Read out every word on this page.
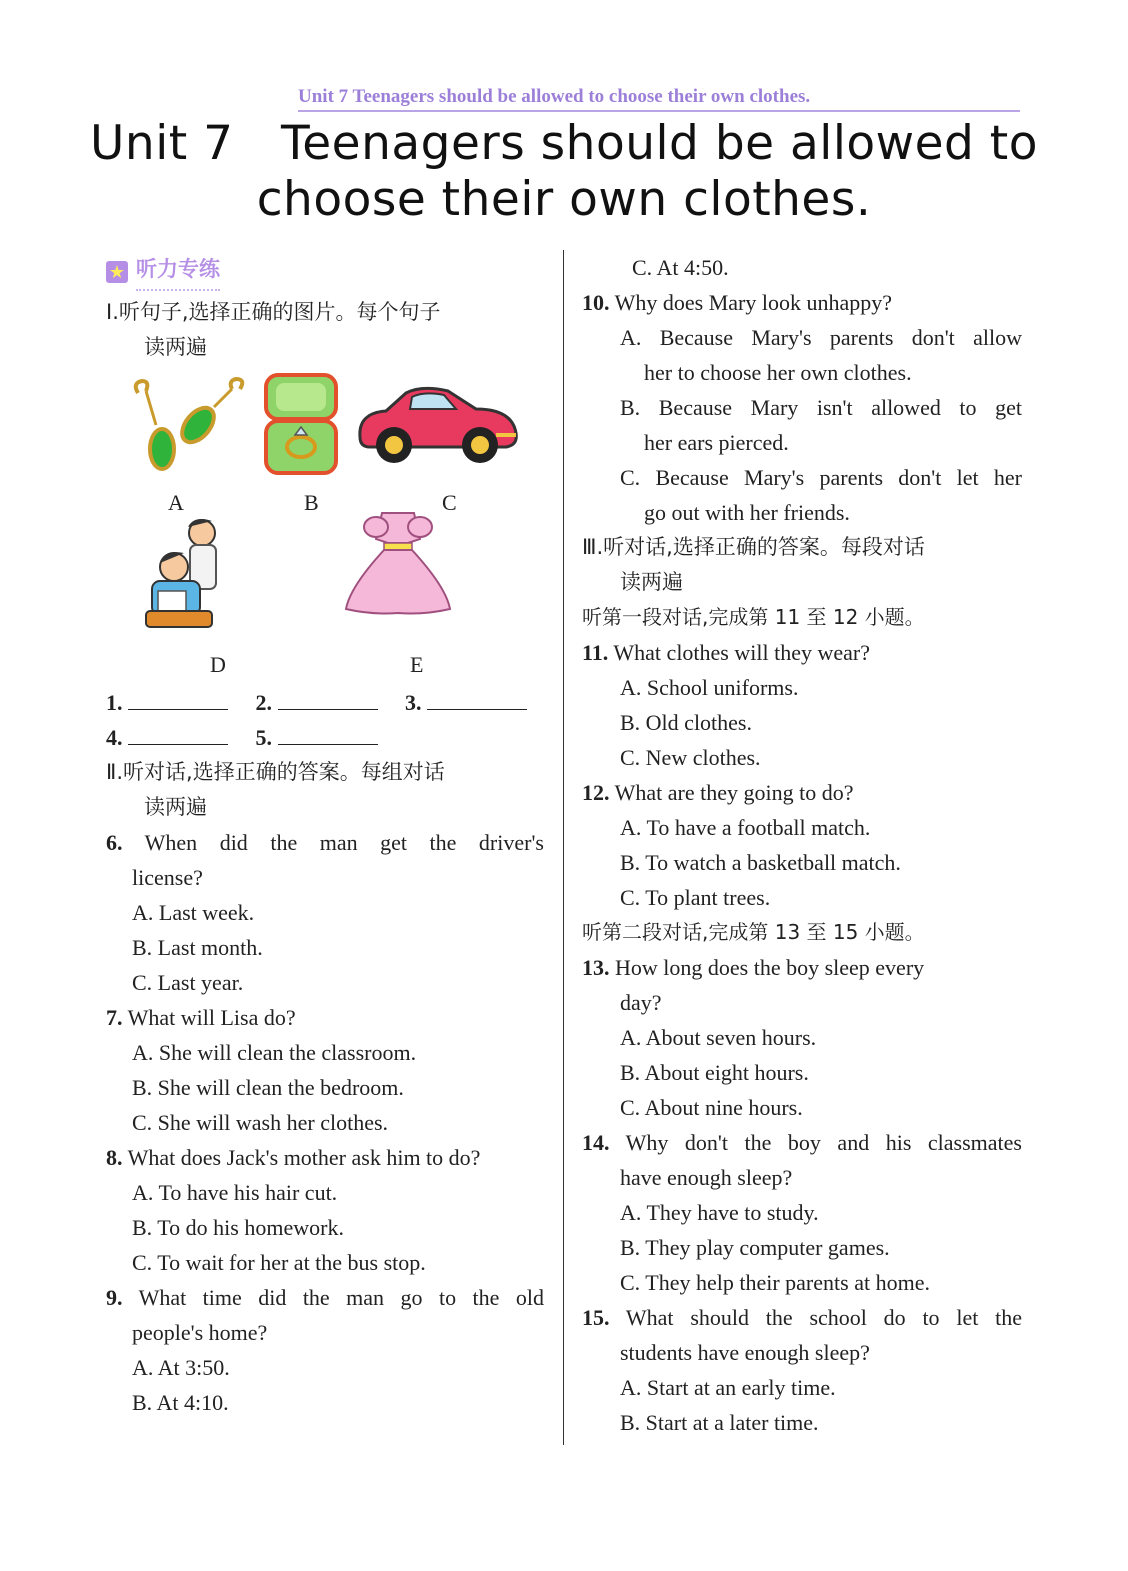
Unit 7 Teenagers should be allowed to choose their own clothes.
Unit 7 Teenagers should be allowed to
choose their own clothes.
★ 听力专练
Ⅰ.听句子,选择正确的图片。每个句子
读两遍
A	B	C
D	E
1.	2.	3.
4.	5.
Ⅱ.听对话,选择正确的答案。每组对话
读两遍
6. When did the man get the driver's
license?
A. Last week.
B. Last month.
C. Last year.
7. What will Lisa do?
A. She will clean the classroom.
B. She will clean the bedroom.
C. She will wash her clothes.
8. What does Jack's mother ask him to do?
A. To have his hair cut.
B. To do his homework.
C. To wait for her at the bus stop.
9. What time did the man go to the old
people's home?
A. At 3:50.
B. At 4:10.
C. At 4:50.
10. Why does Mary look unhappy?
A. Because Mary's parents don't allow
her to choose her own clothes.
B. Because Mary isn't allowed to get
her ears pierced.
C. Because Mary's parents don't let her
go out with her friends.
Ⅲ.听对话,选择正确的答案。每段对话
读两遍
听第一段对话,完成第 11 至 12 小题。
11. What clothes will they wear?
A. School uniforms.
B. Old clothes.
C. New clothes.
12. What are they going to do?
A. To have a football match.
B. To watch a basketball match.
C. To plant trees.
听第二段对话,完成第 13 至 15 小题。
13. How long does the boy sleep every
day?
A. About seven hours.
B. About eight hours.
C. About nine hours.
14. Why don't the boy and his classmates
have enough sleep?
A. They have to study.
B. They play computer games.
C. They help their parents at home.
15. What should the school do to let the
students have enough sleep?
A. Start at an early time.
B. Start at a later time.
